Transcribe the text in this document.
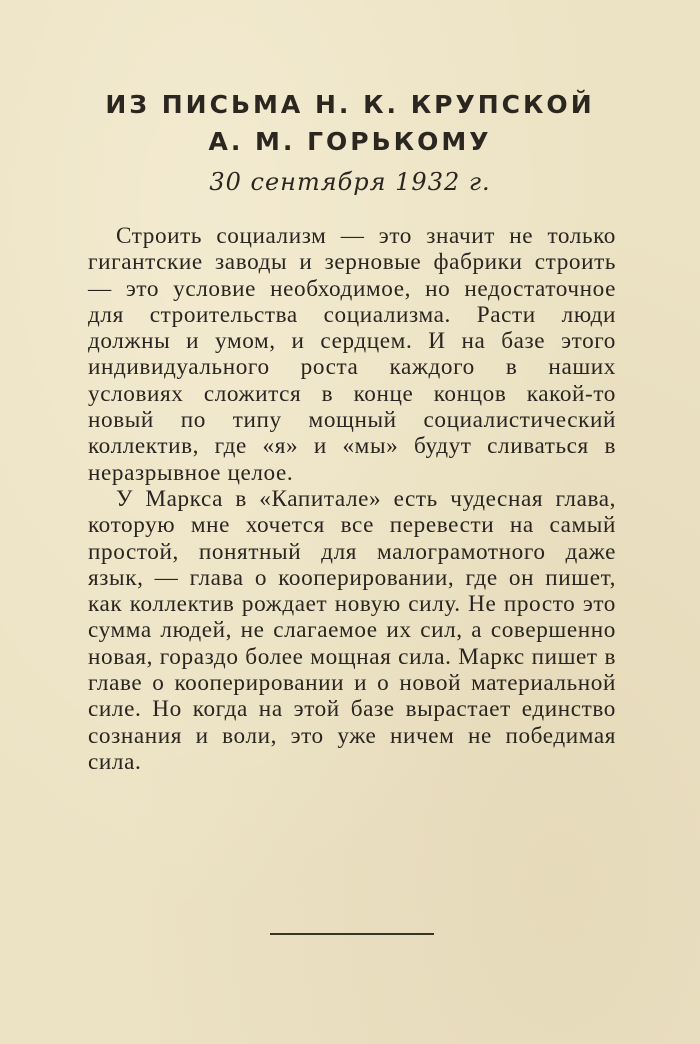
ИЗ ПИСЬМА Н. К. КРУПСКОЙ
А. М. ГОРЬКОМУ
30 сентября 1932 г.

Строить социализм — это значит не только гигантские заводы и зерновые фабрики строить — это условие необходимое, но недостаточное для строительства социализма. Расти люди должны и умом, и сердцем. И на базе этого индивидуального роста каждого в наших условиях сложится в конце концов какой-то новый по типу мощный социалистический коллектив, где «я» и «мы» будут сливаться в неразрывное целое.

У Маркса в «Капитале» есть чудесная глава, которую мне хочется все перевести на самый простой, понятный для малограмотного даже язык, — глава о кооперировании, где он пишет, как коллектив рождает новую силу. Не просто это сумма людей, не слагаемое их сил, а совершенно новая, гораздо более мощная сила. Маркс пишет в главе о кооперировании и о новой материальной силе. Но когда на этой базе вырастает единство сознания и воли, это уже ничем не победимая сила.
